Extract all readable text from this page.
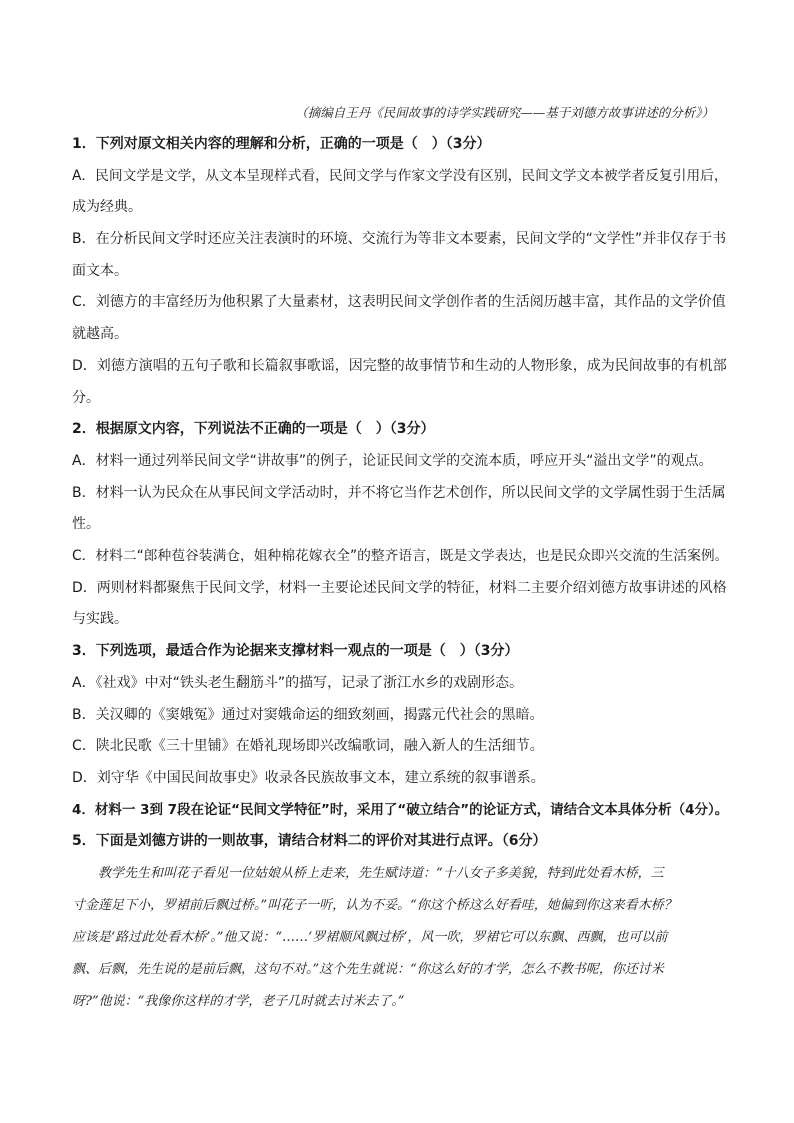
（摘编自王丹《民间故事的诗学实践研究——基于刘德方故事讲述的分析》）
1．下列对原文相关内容的理解和分析，正确的一项是（　）（3分）
A．民间文学是文学，从文本呈现样式看，民间文学与作家文学没有区别，民间文学文本被学者反复引用后，
成为经典。
B．在分析民间文学时还应关注表演时的环境、交流行为等非文本要素，民间文学的“文学性”并非仅存于书
面文本。
C．刘德方的丰富经历为他积累了大量素材，这表明民间文学创作者的生活阅历越丰富，其作品的文学价值
就越高。
D．刘德方演唱的五句子歌和长篇叙事歌谣，因完整的故事情节和生动的人物形象，成为民间故事的有机部
分。
2．根据原文内容，下列说法不正确的一项是（　）（3分）
A．材料一通过列举民间文学“讲故事”的例子，论证民间文学的交流本质，呼应开头“溢出文学”的观点。
B．材料一认为民众在从事民间文学活动时，并不将它当作艺术创作，所以民间文学的文学属性弱于生活属
性。
C．材料二“郎种苞谷装满仓，姐种棉花嫁衣全”的整齐语言，既是文学表达，也是民众即兴交流的生活案例。
D．两则材料都聚焦于民间文学，材料一主要论述民间文学的特征，材料二主要介绍刘德方故事讲述的风格
与实践。
3．下列选项，最适合作为论据来支撑材料一观点的一项是（　）（3分）
A．《社戏》中对“铁头老生翻筋斗”的描写，记录了浙江水乡的戏剧形态。
B．关汉卿的《窦娥冤》通过对窦娥命运的细致刻画，揭露元代社会的黑暗。
C．陕北民歌《三十里铺》在婚礼现场即兴改编歌词，融入新人的生活细节。
D．刘守华《中国民间故事史》收录各民族故事文本，建立系统的叙事谱系。
4．材料一 3到 7段在论证“民间文学特征”时，采用了“破立结合”的论证方式，请结合文本具体分析（4分）。
5．下面是刘德方讲的一则故事，请结合材料二的评价对其进行点评。（6分）
教学先生和叫花子看见一位姑娘从桥上走来，先生赋诗道：“十八女子多美貌，特到此处看木桥，三
寸金莲足下小，罗裙前后飘过桥。”叫花子一听，认为不妥。“你这个桥这么好看哇，她偏到你这来看木桥？
应该是‘路过此处看木桥’。”他又说：“……‘罗裙顺风飘过桥’，风一吹，罗裙它可以东飘、西飘，也可以前
飘、后飘，先生说的是前后飘，这句不对。”这个先生就说：“你这么好的才学，怎么不教书呢，你还讨米
呀?”他说：“我像你这样的才学，老子几时就去讨米去了。”
